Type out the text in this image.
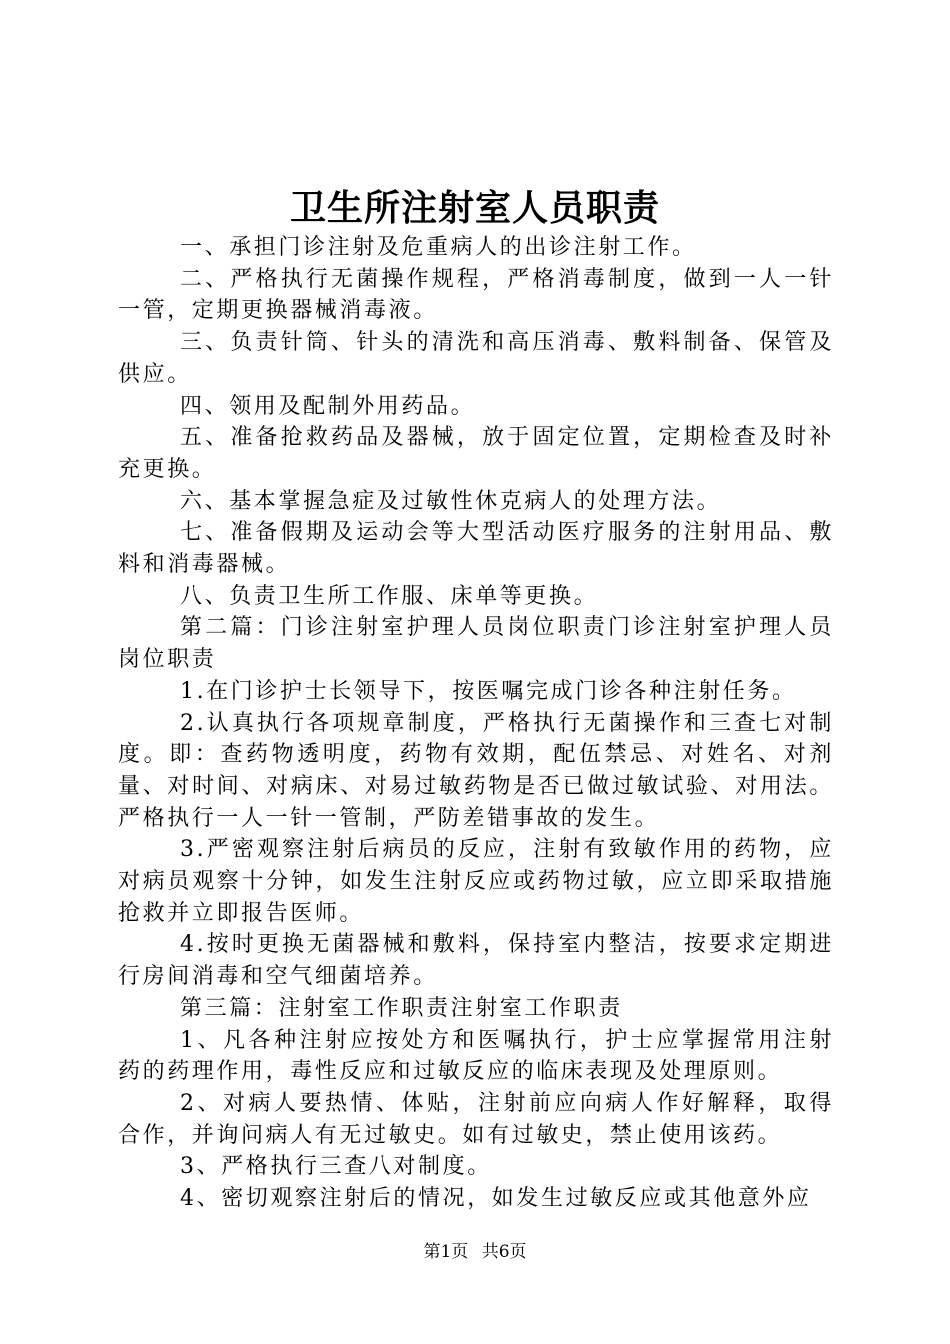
卫生所注射室人员职责

一、承担门诊注射及危重病人的出诊注射工作。

二、严格执行无菌操作规程，严格消毒制度，做到一人一针一管，定期更换器械消毒液。

三、负责针筒、针头的清洗和高压消毒、敷料制备、保管及供应。

四、领用及配制外用药品。

五、准备抢救药品及器械，放于固定位置，定期检查及时补充更换。

六、基本掌握急症及过敏性休克病人的处理方法。

七、准备假期及运动会等大型活动医疗服务的注射用品、敷料和消毒器械。

八、负责卫生所工作服、床单等更换。

第二篇：门诊注射室护理人员岗位职责门诊注射室护理人员岗位职责

1.在门诊护士长领导下，按医嘱完成门诊各种注射任务。

2.认真执行各项规章制度，严格执行无菌操作和三查七对制度。即：查药物透明度，药物有效期，配伍禁忌、对姓名、对剂量、对时间、对病床、对易过敏药物是否已做过敏试验、对用法。严格执行一人一针一管制，严防差错事故的发生。

3.严密观察注射后病员的反应，注射有致敏作用的药物，应对病员观察十分钟，如发生注射反应或药物过敏，应立即采取措施抢救并立即报告医师。

4.按时更换无菌器械和敷料，保持室内整洁，按要求定期进行房间消毒和空气细菌培养。

第三篇：注射室工作职责注射室工作职责

1、凡各种注射应按处方和医嘱执行，护士应掌握常用注射药的药理作用，毒性反应和过敏反应的临床表现及处理原则。

2、对病人要热情、体贴，注射前应向病人作好解释，取得合作，并询问病人有无过敏史。如有过敏史，禁止使用该药。

3、严格执行三查八对制度。

4、密切观察注射后的情况，如发生过敏反应或其他意外应

第1页 共6页
